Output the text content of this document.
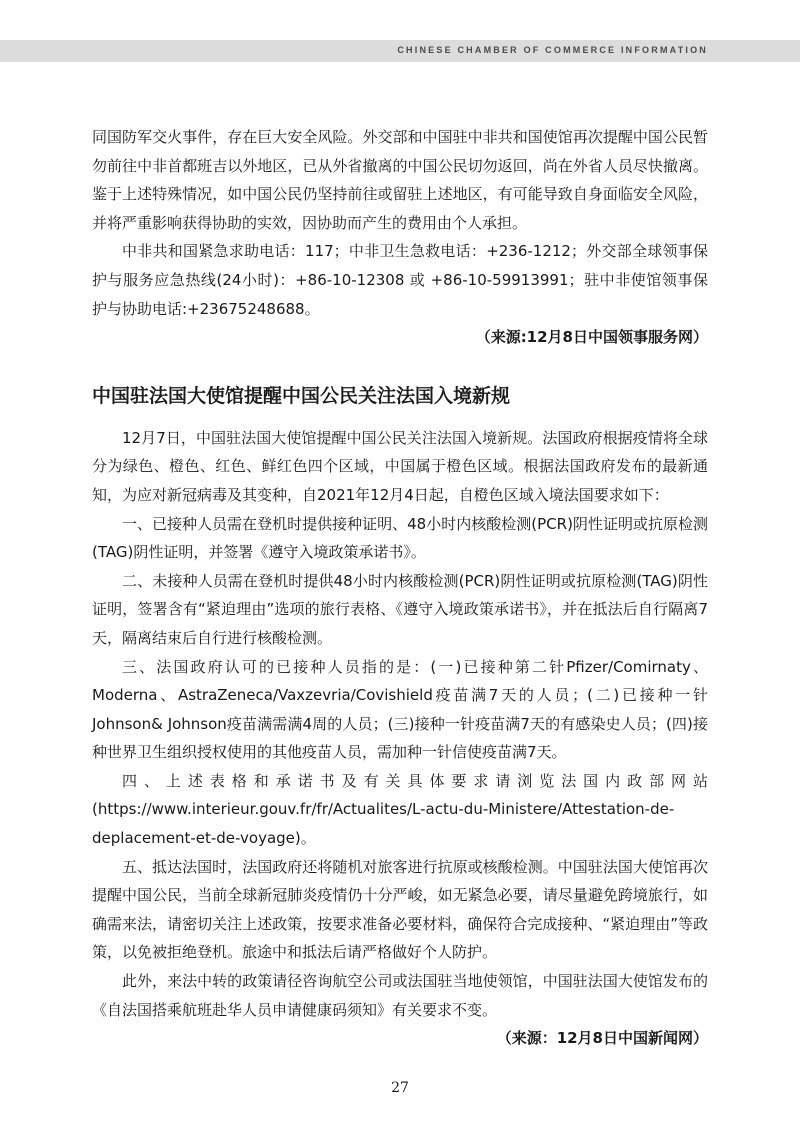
CHINESE CHAMBER OF COMMERCE INFORMATION

同国防军交火事件，存在巨大安全风险。外交部和中国驻中非共和国使馆再次提醒中国公民暂勿前往中非首都班吉以外地区，已从外省撤离的中国公民切勿返回，尚在外省人员尽快撤离。鉴于上述特殊情况，如中国公民仍坚持前往或留驻上述地区，有可能导致自身面临安全风险，并将严重影响获得协助的实效，因协助而产生的费用由个人承担。

中非共和国紧急求助电话：117；中非卫生急救电话：+236-1212；外交部全球领事保护与服务应急热线(24小时)：+86-10-12308 或 +86-10-59913991；驻中非使馆领事保护与协助电话:+23675248688。

（来源:12月8日中国领事服务网）

中国驻法国大使馆提醒中国公民关注法国入境新规

12月7日，中国驻法国大使馆提醒中国公民关注法国入境新规。法国政府根据疫情将全球分为绿色、橙色、红色、鲜红色四个区域，中国属于橙色区域。根据法国政府发布的最新通知，为应对新冠病毒及其变种，自2021年12月4日起，自橙色区域入境法国要求如下：

一、已接种人员需在登机时提供接种证明、48小时内核酸检测(PCR)阴性证明或抗原检测(TAG)阴性证明，并签署《遵守入境政策承诺书》。

二、未接种人员需在登机时提供48小时内核酸检测(PCR)阴性证明或抗原检测(TAG)阴性证明，签署含有“紧迫理由”选项的旅行表格、《遵守入境政策承诺书》，并在抵法后自行隔离7天，隔离结束后自行进行核酸检测。

三、法国政府认可的已接种人员指的是：(一)已接种第二针Pfizer/Comirnaty、Moderna、AstraZeneca/Vaxzevria/Covishield疫苗满7天的人员；(二)已接种一针Johnson& Johnson疫苗满需满4周的人员；(三)接种一针疫苗满7天的有感染史人员；(四)接种世界卫生组织授权使用的其他疫苗人员，需加种一针信使疫苗满7天。

四、上述表格和承诺书及有关具体要求请浏览法国内政部网站(https://www.interieur.gouv.fr/fr/Actualites/L-actu-du-Ministere/Attestation-de-deplacement-et-de-voyage)。

五、抵达法国时，法国政府还将随机对旅客进行抗原或核酸检测。中国驻法国大使馆再次提醒中国公民，当前全球新冠肺炎疫情仍十分严峻，如无紧急必要，请尽量避免跨境旅行，如确需来法，请密切关注上述政策，按要求准备必要材料，确保符合完成接种、“紧迫理由”等政策，以免被拒绝登机。旅途中和抵法后请严格做好个人防护。

此外，来法中转的政策请径咨询航空公司或法国驻当地使领馆，中国驻法国大使馆发布的《自法国搭乘航班赴华人员申请健康码须知》有关要求不变。

（来源：12月8日中国新闻网）

27
